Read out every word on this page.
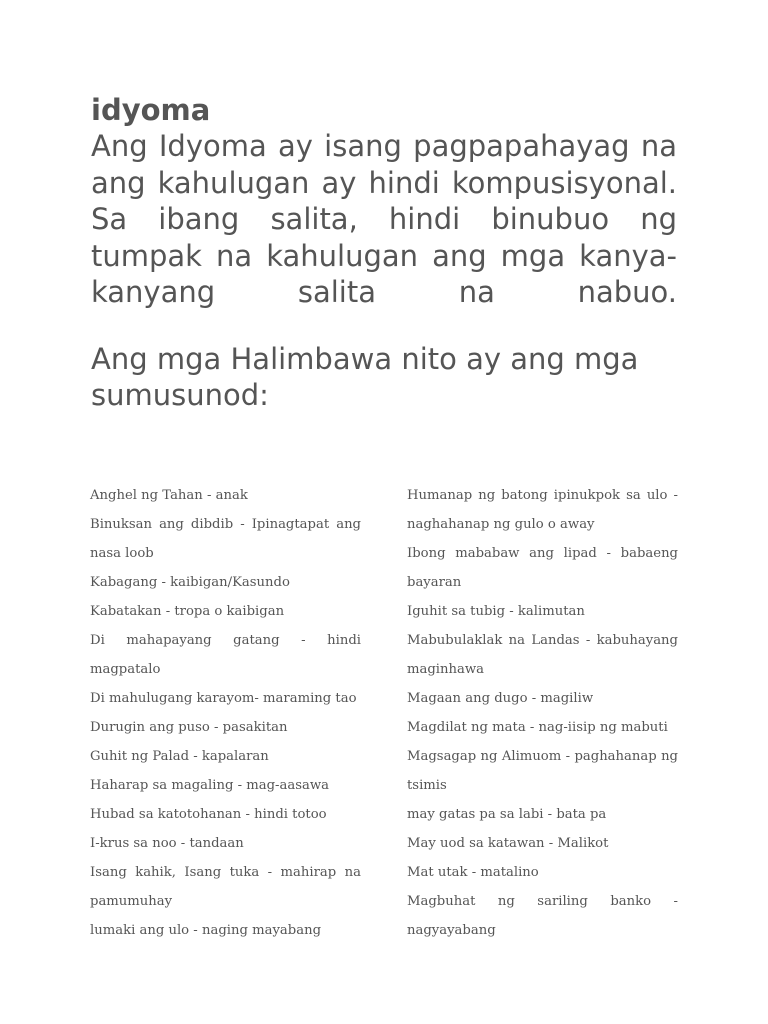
idyoma

Ang Idyoma ay isang pagpapahayag na ang kahulugan ay hindi kompusisyonal. Sa ibang salita, hindi binubuo ng tumpak na kahulugan ang mga kanya-kanyang salita na nabuo.

Ang mga Halimbawa nito ay ang mga sumusunod:

Anghel ng Tahan - anak
Binuksan ang dibdib - Ipinagtapat ang nasa loob
Kabagang - kaibigan/Kasundo
Kabatakan - tropa o kaibigan
Di mahapayang gatang - hindi magpatalo
Di mahulugang karayom- maraming tao
Durugin ang puso - pasakitan
Guhit ng Palad - kapalaran
Haharap sa magaling - mag-aasawa
Hubad sa katotohanan - hindi totoo
I-krus sa noo - tandaan
Isang kahik, Isang tuka - mahirap na pamumuhay
lumaki ang ulo - naging mayabang
Humanap ng batong ipinukpok sa ulo - naghahanap ng gulo o away
Ibong mababaw ang lipad - babaeng bayaran
Iguhit sa tubig - kalimutan
Mabubulaklak na Landas - kabuhayang maginhawa
Magaan ang dugo - magiliw
Magdilat ng mata - nag-iisip ng mabuti
Magsagap ng Alimuom - paghahanap ng tsimis
may gatas pa sa labi - bata pa
May uod sa katawan - Malikot
Mat utak - matalino
Magbuhat ng sariling banko - nagyayabang
